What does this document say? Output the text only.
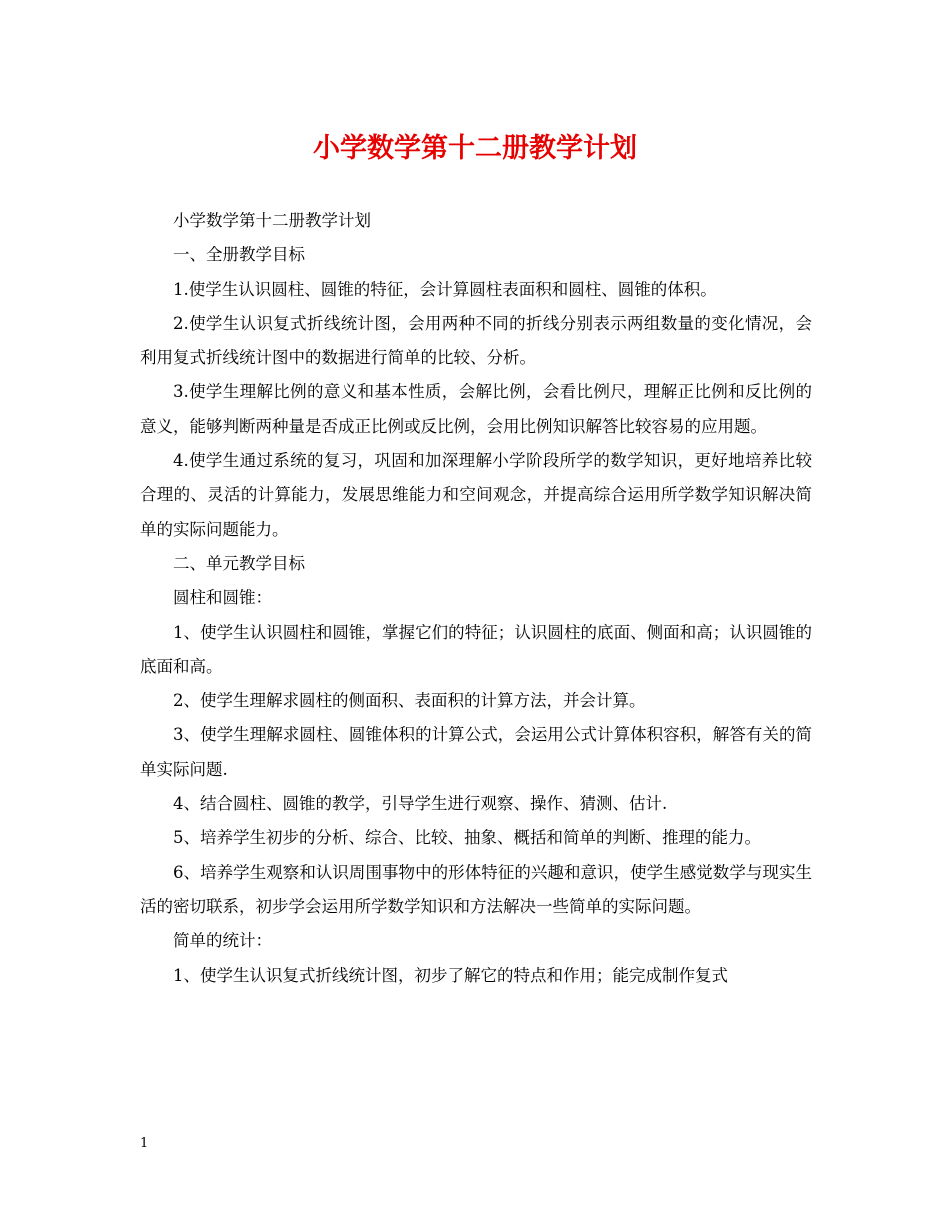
小学数学第十二册教学计划

小学数学第十二册教学计划

一、全册教学目标

1.使学生认识圆柱、圆锥的特征，会计算圆柱表面积和圆柱、圆锥的体积。

2.使学生认识复式折线统计图，会用两种不同的折线分别表示两组数量的变化情况，会利用复式折线统计图中的数据进行简单的比较、分析。

3.使学生理解比例的意义和基本性质，会解比例，会看比例尺，理解正比例和反比例的意义，能够判断两种量是否成正比例或反比例，会用比例知识解答比较容易的应用题。

4.使学生通过系统的复习，巩固和加深理解小学阶段所学的数学知识，更好地培养比较合理的、灵活的计算能力，发展思维能力和空间观念，并提高综合运用所学数学知识解决简单的实际问题能力。

二、单元教学目标

圆柱和圆锥：

1、使学生认识圆柱和圆锥，掌握它们的特征；认识圆柱的底面、侧面和高；认识圆锥的底面和高。

2、使学生理解求圆柱的侧面积、表面积的计算方法，并会计算。

3、使学生理解求圆柱、圆锥体积的计算公式，会运用公式计算体积容积，解答有关的简单实际问题.

4、结合圆柱、圆锥的教学，引导学生进行观察、操作、猜测、估计.

5、培养学生初步的分析、综合、比较、抽象、概括和简单的判断、推理的能力。

6、培养学生观察和认识周围事物中的形体特征的兴趣和意识，使学生感觉数学与现实生活的密切联系，初步学会运用所学数学知识和方法解决一些简单的实际问题。

简单的统计：

1、使学生认识复式折线统计图，初步了解它的特点和作用；能完成制作复式

1
